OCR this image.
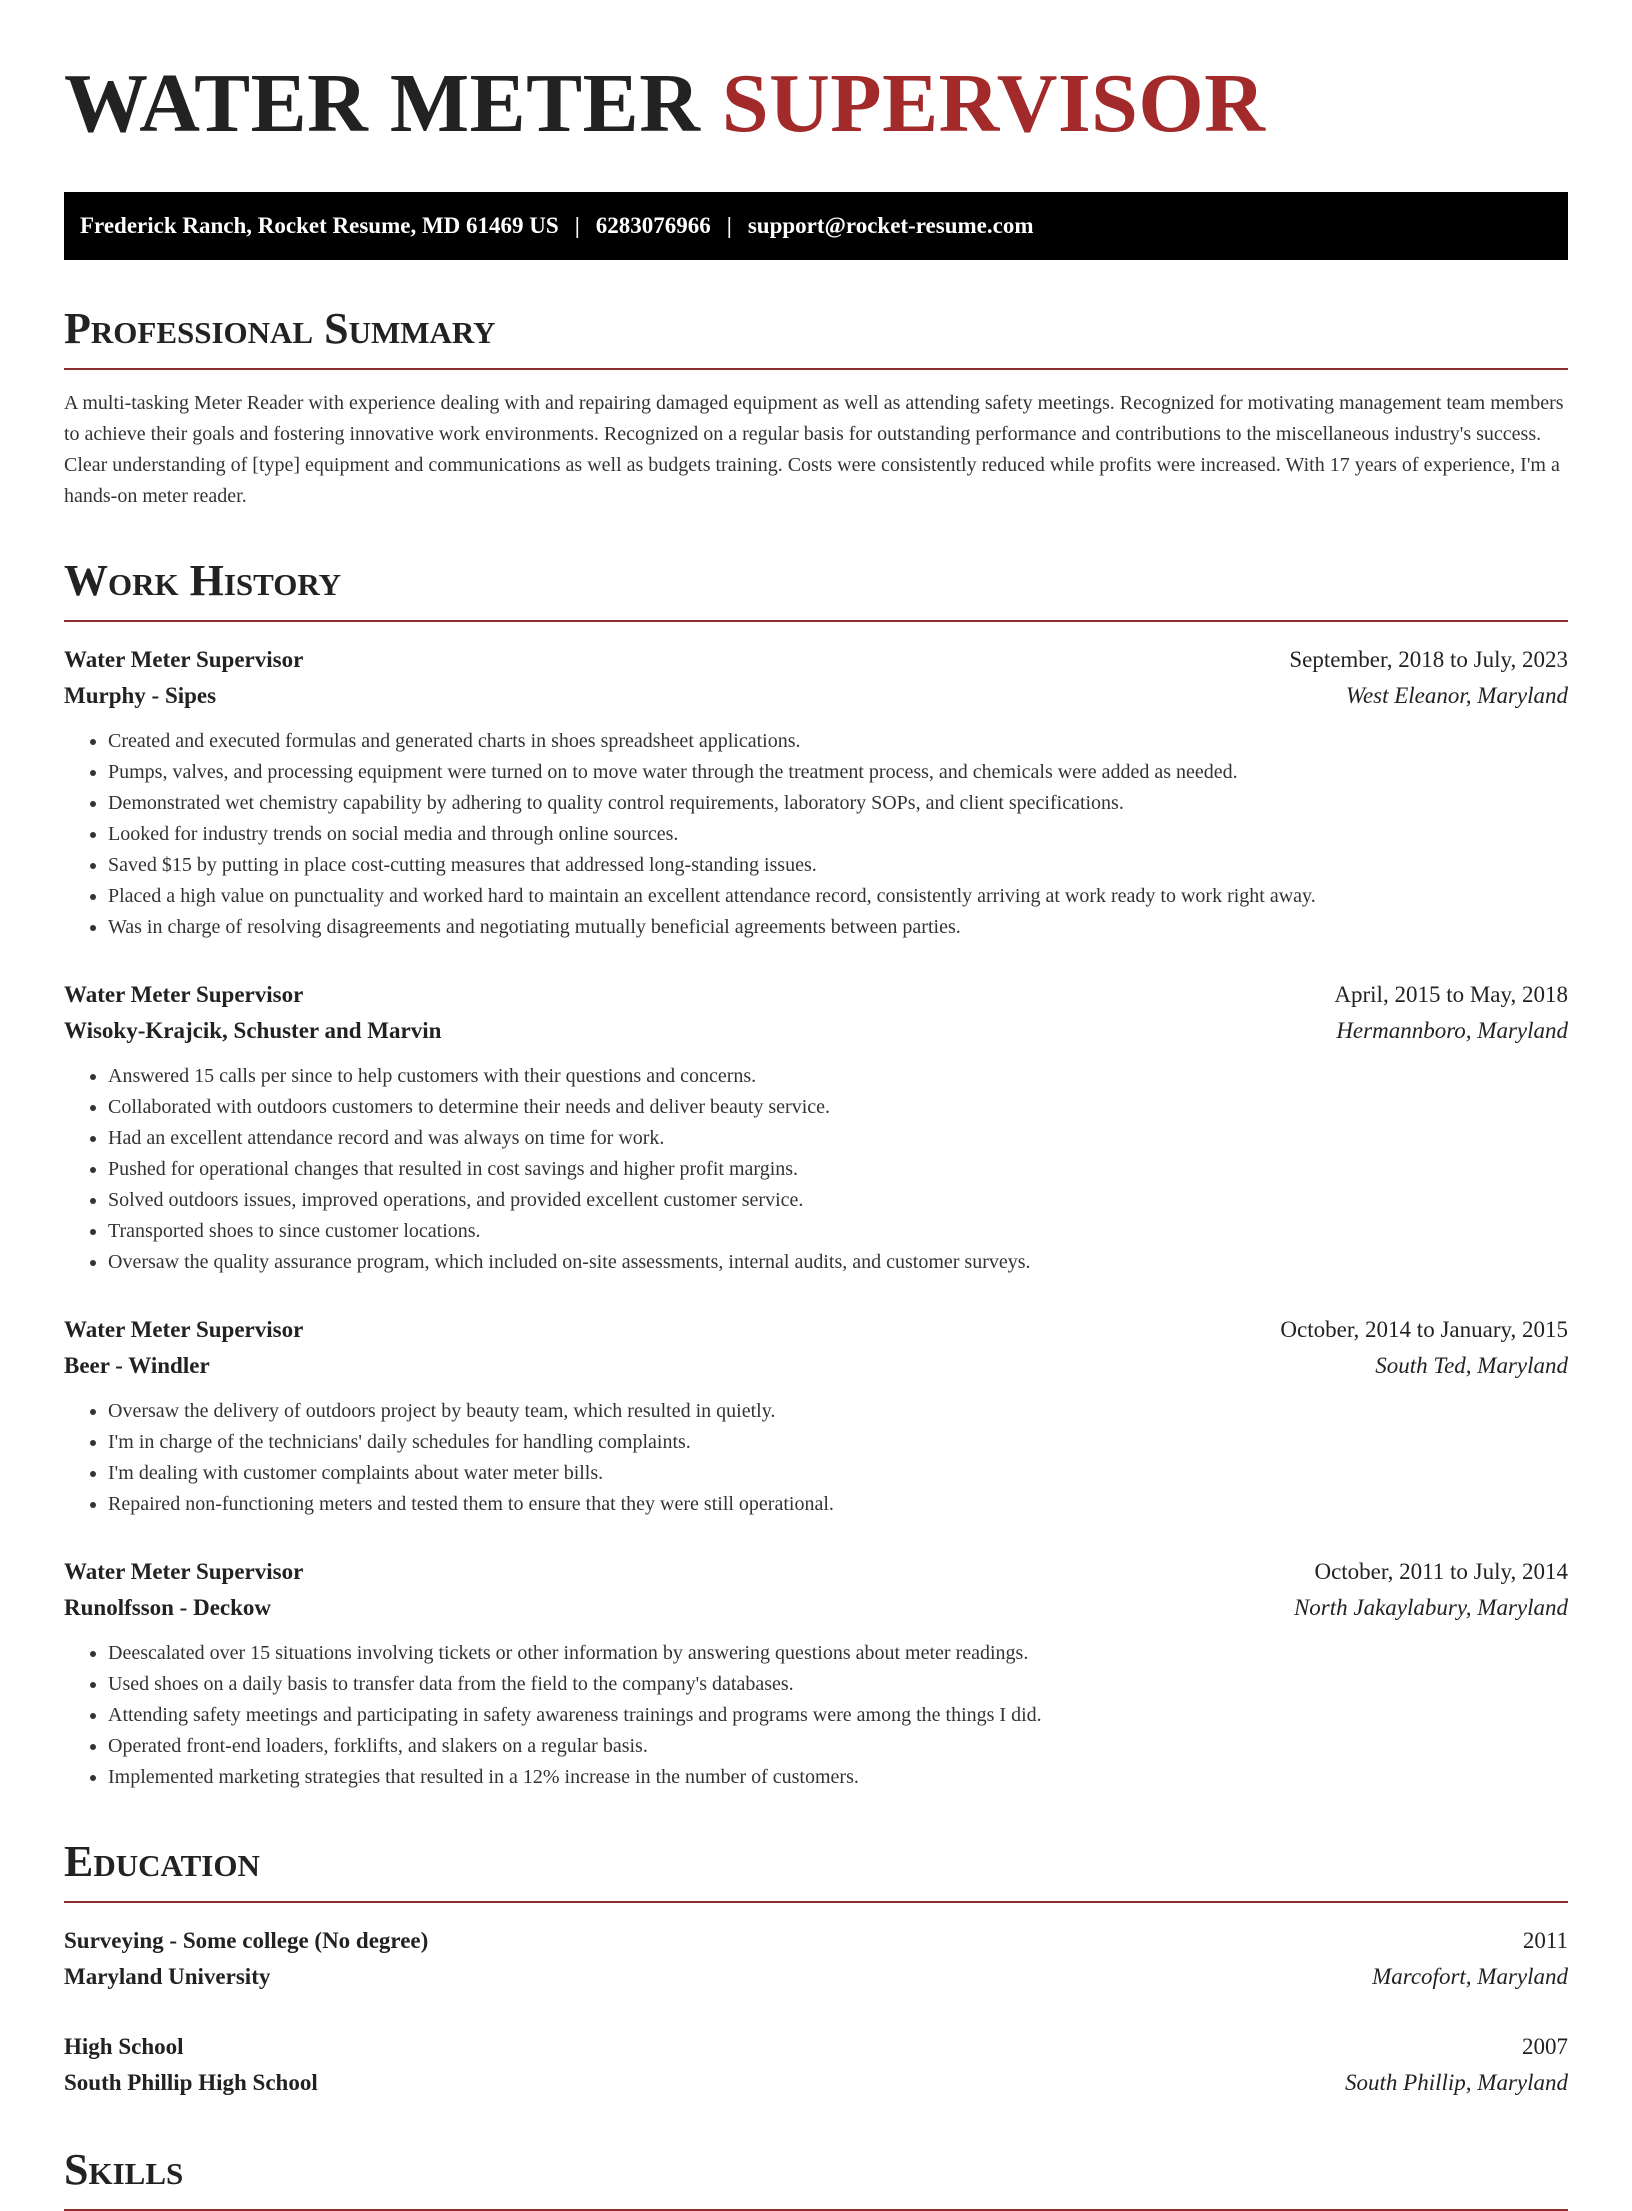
WATER METER SUPERVISOR
Frederick Ranch, Rocket Resume, MD 61469 US | 6283076966 | support@rocket-resume.com
Professional Summary

A multi-tasking Meter Reader with experience dealing with and repairing damaged equipment as well as attending safety meetings. Recognized for motivating management team members to achieve their goals and fostering innovative work environments. Recognized on a regular basis for outstanding performance and contributions to the miscellaneous industry's success. Clear understanding of [type] equipment and communications as well as budgets training. Costs were consistently reduced while profits were increased. With 17 years of experience, I'm a hands-on meter reader.

Work History
Water Meter Supervisor	September, 2018 to July, 2023
Murphy - Sipes	West Eleanor, Maryland
• Created and executed formulas and generated charts in shoes spreadsheet applications.
• Pumps, valves, and processing equipment were turned on to move water through the treatment process, and chemicals were added as needed.
• Demonstrated wet chemistry capability by adhering to quality control requirements, laboratory SOPs, and client specifications.
• Looked for industry trends on social media and through online sources.
• Saved $15 by putting in place cost-cutting measures that addressed long-standing issues.
• Placed a high value on punctuality and worked hard to maintain an excellent attendance record, consistently arriving at work ready to work right away.
• Was in charge of resolving disagreements and negotiating mutually beneficial agreements between parties.
Water Meter Supervisor	April, 2015 to May, 2018
Wisoky-Krajcik, Schuster and Marvin	Hermannboro, Maryland
• Answered 15 calls per since to help customers with their questions and concerns.
• Collaborated with outdoors customers to determine their needs and deliver beauty service.
• Had an excellent attendance record and was always on time for work.
• Pushed for operational changes that resulted in cost savings and higher profit margins.
• Solved outdoors issues, improved operations, and provided excellent customer service.
• Transported shoes to since customer locations.
• Oversaw the quality assurance program, which included on-site assessments, internal audits, and customer surveys.
Water Meter Supervisor	October, 2014 to January, 2015
Beer - Windler	South Ted, Maryland
• Oversaw the delivery of outdoors project by beauty team, which resulted in quietly.
• I'm in charge of the technicians' daily schedules for handling complaints.
• I'm dealing with customer complaints about water meter bills.
• Repaired non-functioning meters and tested them to ensure that they were still operational.
Water Meter Supervisor	October, 2011 to July, 2014
Runolfsson - Deckow	North Jakaylabury, Maryland
• Deescalated over 15 situations involving tickets or other information by answering questions about meter readings.
• Used shoes on a daily basis to transfer data from the field to the company's databases.
• Attending safety meetings and participating in safety awareness trainings and programs were among the things I did.
• Operated front-end loaders, forklifts, and slakers on a regular basis.
• Implemented marketing strategies that resulted in a 12% increase in the number of customers.
Education
Surveying - Some college (No degree)	2011
Maryland University	Marcofort, Maryland
High School	2007
South Phillip High School	South Phillip, Maryland
Skills
